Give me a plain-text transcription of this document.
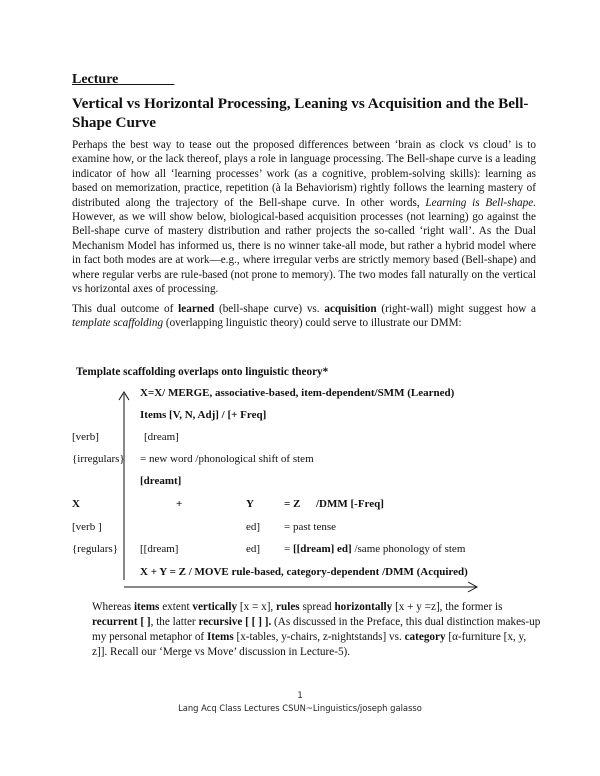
Lecture
Vertical vs Horizontal Processing, Leaning vs Acquisition and the Bell-Shape Curve
Perhaps the best way to tease out the proposed differences between ‘brain as clock vs cloud’ is to examine how, or the lack thereof, plays a role in language processing. The Bell-shape curve is a leading indicator of how all ‘learning processes’ work (as a cognitive, problem-solving skills): learning as based on memorization, practice, repetition (à la Behaviorism) rightly follows the learning mastery of distributed along the trajectory of the Bell-shape curve. In other words, Learning is Bell-shape. However, as we will show below, biological-based acquisition processes (not learning) go against the Bell-shape curve of mastery distribution and rather projects the so-called ‘right wall’. As the Dual Mechanism Model has informed us, there is no winner take-all mode, but rather a hybrid model where in fact both modes are at work—e.g., where irregular verbs are strictly memory based (Bell-shape) and where regular verbs are rule-based (not prone to memory). The two modes fall naturally on the vertical vs horizontal axes of processing.
This dual outcome of learned (bell-shape curve) vs. acquisition (right-wall) might suggest how a template scaffolding (overlapping linguistic theory) could serve to illustrate our DMM:
Template scaffolding overlaps onto linguistic theory*
X=X/ MERGE, associative-based, item-dependent/SMM (Learned)
Items [V, N, Adj] / [+ Freq]
[verb]	[dream]
{irregulars} = new word /phonological shift of stem
[dreamt]
X	+	Y	= Z /DMM [-Freq]
[verb ]	ed] = past tense
{regulars} [[dream]	ed] = [[dream] ed] /same phonology of stem
X + Y = Z / MOVE rule-based, category-dependent /DMM (Acquired)
Whereas items extent vertically [x = x], rules spread horizontally [x + y =z], the former is recurrent [ ], the latter recursive [ [ ] ]. (As discussed in the Preface, this dual distinction makes-up my personal metaphor of Items [x-tables, y-chairs, z-nightstands] vs. category [α-furniture [x, y, z]]. Recall our ‘Merge vs Move’ discussion in Lecture-5).
1
Lang Acq Class Lectures CSUN~Linguistics/joseph galasso
